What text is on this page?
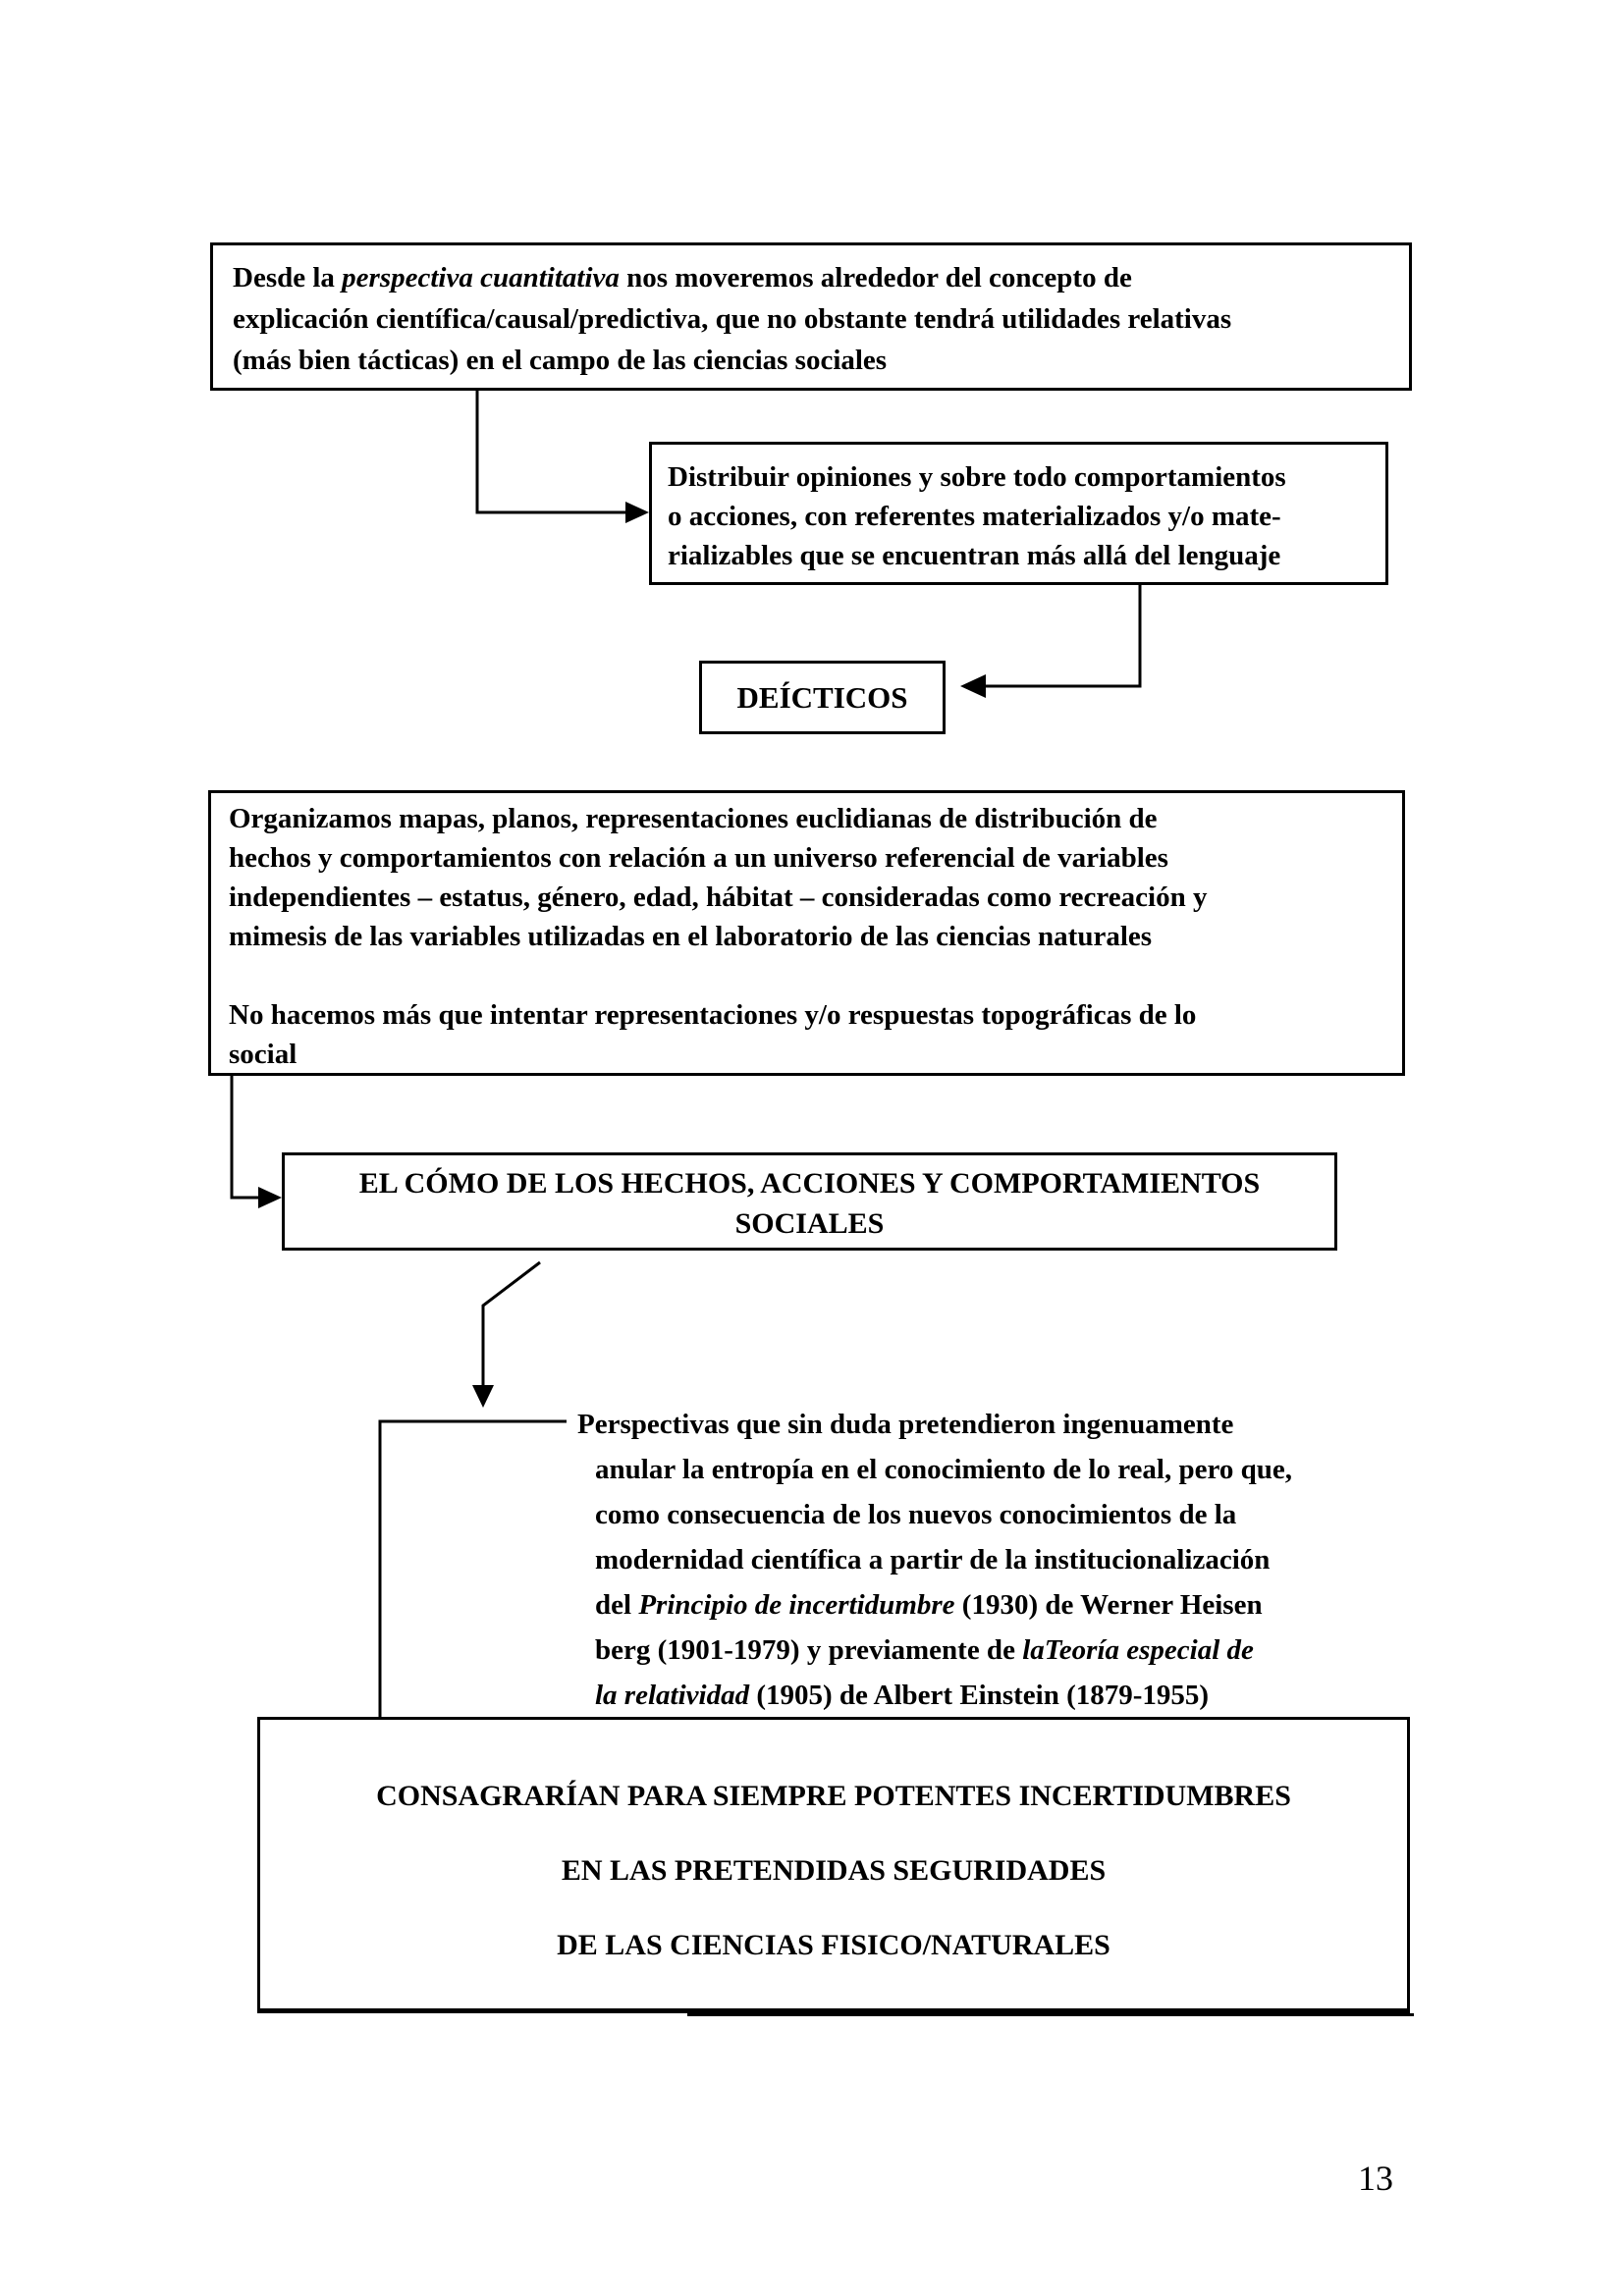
Desde la perspectiva cuantitativa nos moveremos alrededor del concepto de
explicación científica/causal/predictiva, que no obstante tendrá utilidades relativas
(más bien tácticas) en el campo de las ciencias sociales
Distribuir opiniones y sobre todo comportamientos
o acciones, con referentes materializados y/o mate-
rializables que se encuentran más allá del lenguaje
DEÍCTICOS
Organizamos mapas, planos, representaciones euclidianas de distribución de
hechos y comportamientos con relación a un universo referencial de variables
independientes – estatus, género, edad, hábitat – consideradas como recreación y
mimesis de las variables utilizadas en el laboratorio de las ciencias naturales
No hacemos más que intentar representaciones y/o respuestas topográficas de lo
social
EL CÓMO DE LOS HECHOS, ACCIONES Y COMPORTAMIENTOS
SOCIALES
Perspectivas que sin duda pretendieron ingenuamente
anular la entropía en el conocimiento de lo real, pero que,
como consecuencia de los nuevos conocimientos de la
modernidad científica a partir de la institucionalización
del Principio de incertidumbre (1930) de Werner Heisen
berg (1901-1979) y previamente de laTeoría especial de
la relatividad (1905) de Albert Einstein (1879-1955)
CONSAGRARÍAN PARA SIEMPRE POTENTES INCERTIDUMBRES
EN LAS PRETENDIDAS SEGURIDADES
DE LAS CIENCIAS FISICO/NATURALES
13
